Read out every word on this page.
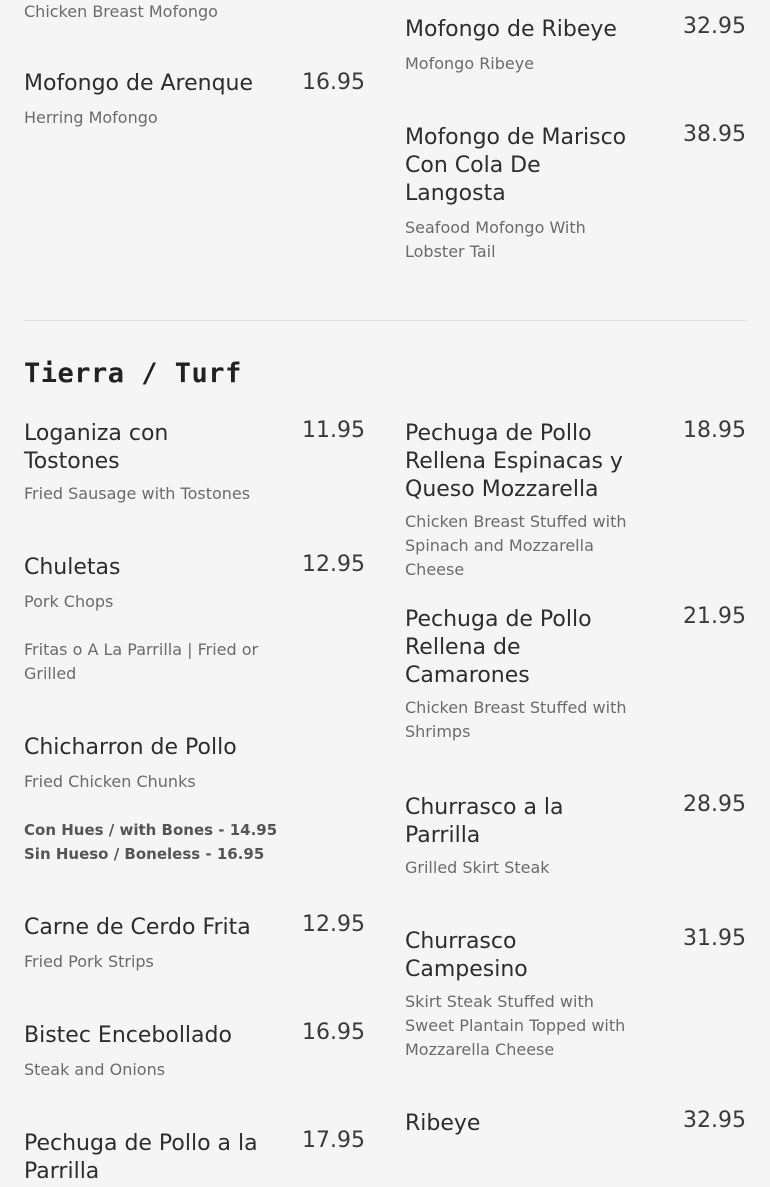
Chicken Breast Mofongo

Mofongo de Arenque

Herring Mofongo

16.95

Mofongo de Ribeye

Mofongo Ribeye

32.95

Mofongo de Marisco Con Cola De Langosta

Seafood Mofongo With Lobster Tail

38.95
Tierra / Turf

Loganiza con Tostones

Fried Sausage with Tostones

11.95

Chuletas

Pork Chops

Fritas o A La Parrilla | Fried or Grilled

12.95

Chicharron de Pollo

Fried Chicken Chunks

Con Hues / with Bones - 14.95

Sin Hueso / Boneless - 16.95

Carne de Cerdo Frita

Fried Pork Strips

12.95

Bistec Encebollado

Steak and Onions

16.95

Pechuga de Pollo a la Parrilla

17.95

Pechuga de Pollo Rellena Espinacas y Queso Mozzarella

Chicken Breast Stuffed with Spinach and Mozzarella Cheese

18.95

Pechuga de Pollo Rellena de Camarones

Chicken Breast Stuffed with Shrimps

21.95

Churrasco a la Parrilla

Grilled Skirt Steak

28.95

Churrasco Campesino

Skirt Steak Stuffed with Sweet Plantain Topped with Mozzarella Cheese

31.95

Ribeye	32.95
